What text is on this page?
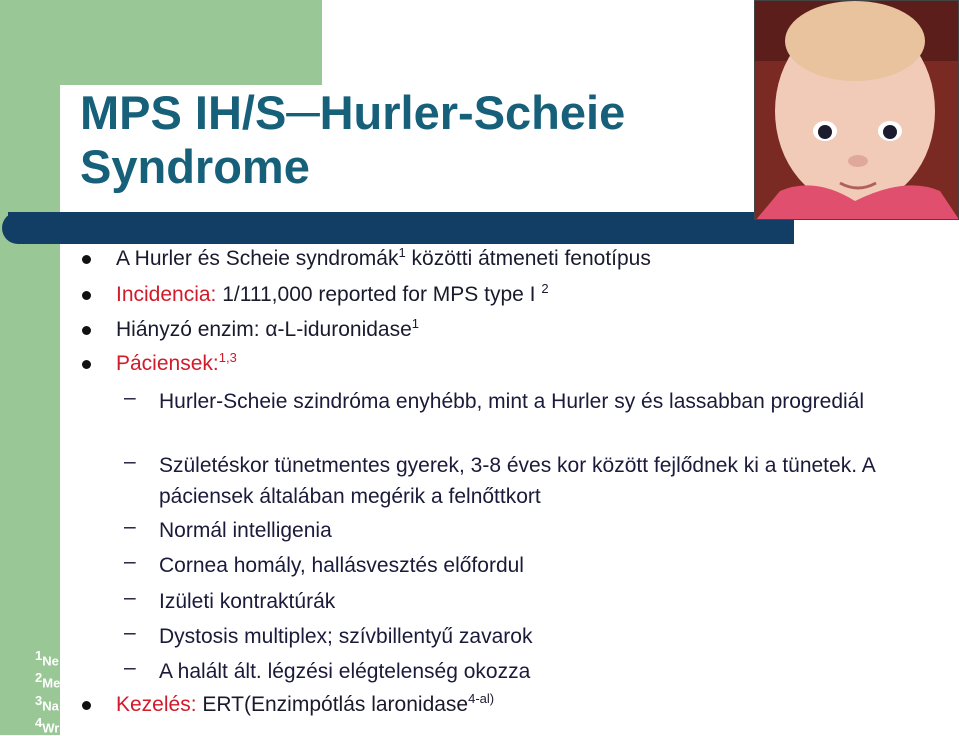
MPS IH/S─Hurler-Scheie Syndrome
A Hurler és Scheie syndromák$^1$ közötti átmeneti fenotípus
Incidencia: 1/111,000 reported for MPS type I $^2$
Hiányzó enzim: α-L-iduronidase$^1$
Páciensek:$^{1,3}$
– Hurler-Scheie szindróma enyhébb, mint a Hurler sy és lassabban progrediál
– Születéskor tünetmentes gyerek, 3-8 éves kor között fejlődnek ki a tünetek. A páciensek általában megérik a felnőttkort
– Normál intelligenia
– Cornea homály, hallásvesztés előfordul
– Izületi kontraktúrák
– Dystosis multiplex; szívbillentyű zavarok
– A halált ált. légzési elégtelenség okozza
Kezelés: ERT(Enzimpótlás laronidase$^{4-al)}$
$^1$Ne
$^2$Me
$^3$Na
$^4$Wr
